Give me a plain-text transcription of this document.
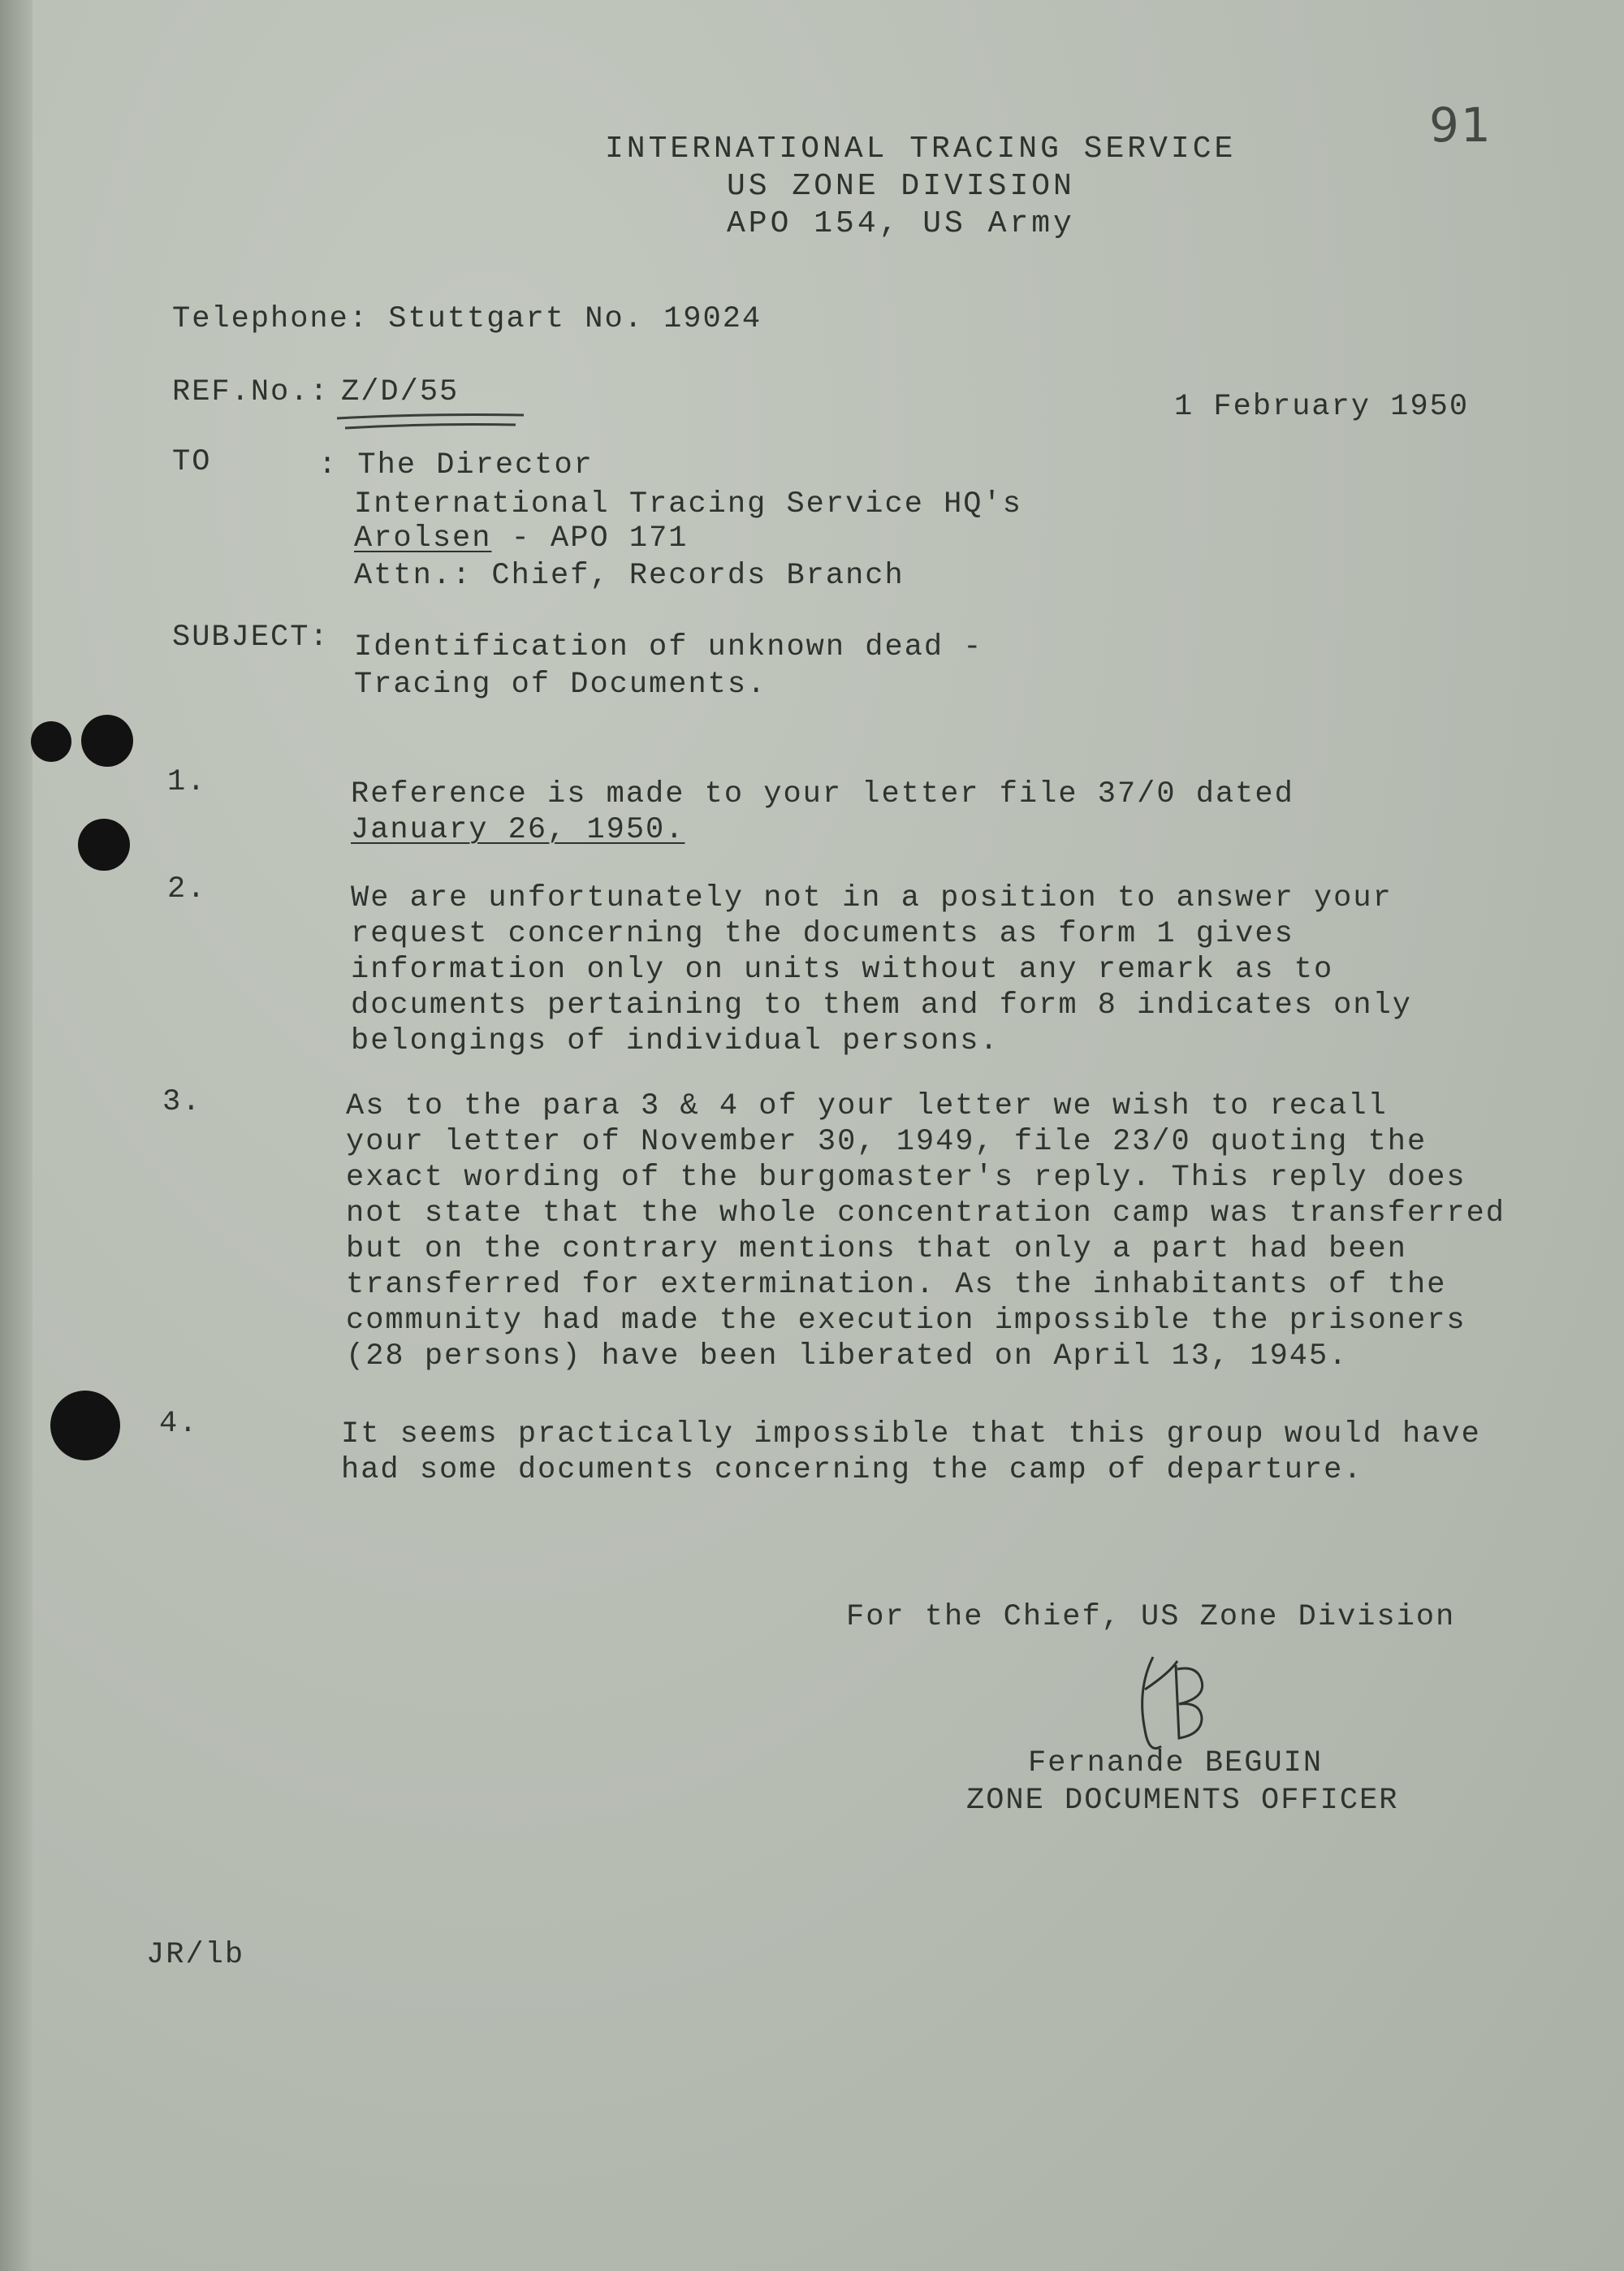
91
INTERNATIONAL TRACING SERVICE
US ZONE DIVISION
APO 154, US Army
Telephone: Stuttgart No. 19024
REF.No.: Z/D/55	1 February 1950
TO	: The Director
International Tracing Service HQ's
Arolsen - APO 171
Attn.: Chief, Records Branch
SUBJECT: Identification of unknown dead -
Tracing of Documents.
1.	Reference is made to your letter file 37/0 dated
January 26, 1950.
2.	We are unfortunately not in a position to answer your
request concerning the documents as form 1 gives
information only on units without any remark as to
documents pertaining to them and form 8 indicates only
belongings of individual persons.
3.	As to the para 3 & 4 of your letter we wish to recall
your letter of November 30, 1949, file 23/0 quoting the
exact wording of the burgomaster's reply. This reply does
not state that the whole concentration camp was transferred
but on the contrary mentions that only a part had been
transferred for extermination. As the inhabitants of the
community had made the execution impossible the prisoners
(28 persons) have been liberated on April 13, 1945.
4.	It seems practically impossible that this group would have
had some documents concerning the camp of departure.
For the Chief, US Zone Division
Fernande BEGUIN
ZONE DOCUMENTS OFFICER
JR/lb
